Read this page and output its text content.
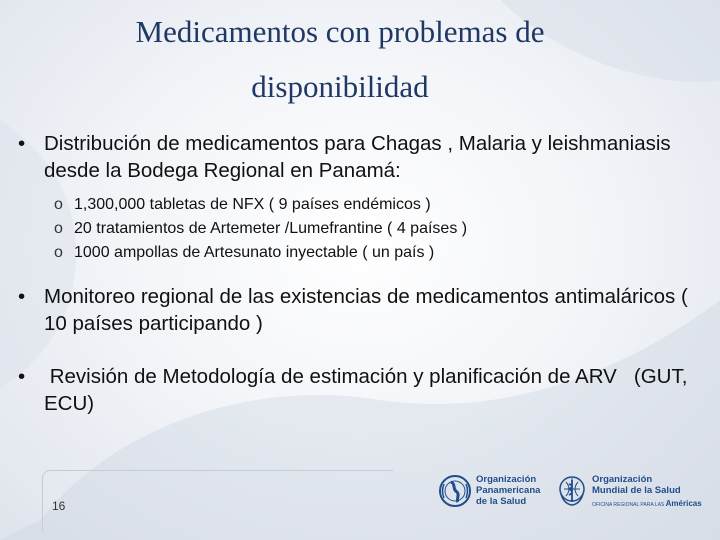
Medicamentos con problemas de
disponibilidad
• Distribución de medicamentos para Chagas , Malaria y leishmaniasis desde la Bodega Regional en Panamá:
o 1,300,000 tabletas de NFX ( 9 países endémicos )
o 20 tratamientos de Artemeter /Lumefrantine ( 4 países )
o 1000 ampollas de Artesunato inyectable ( un país )
• Monitoreo regional de las existencias de medicamentos antimaláricos ( 10 países participando )
• Revisión de Metodología de estimación y planificación de ARV   (GUT, ECU)
16
Organización
Panamericana
de la Salud
Organización
Mundial de la Salud
OFICINA REGIONAL PARA LAS Américas
